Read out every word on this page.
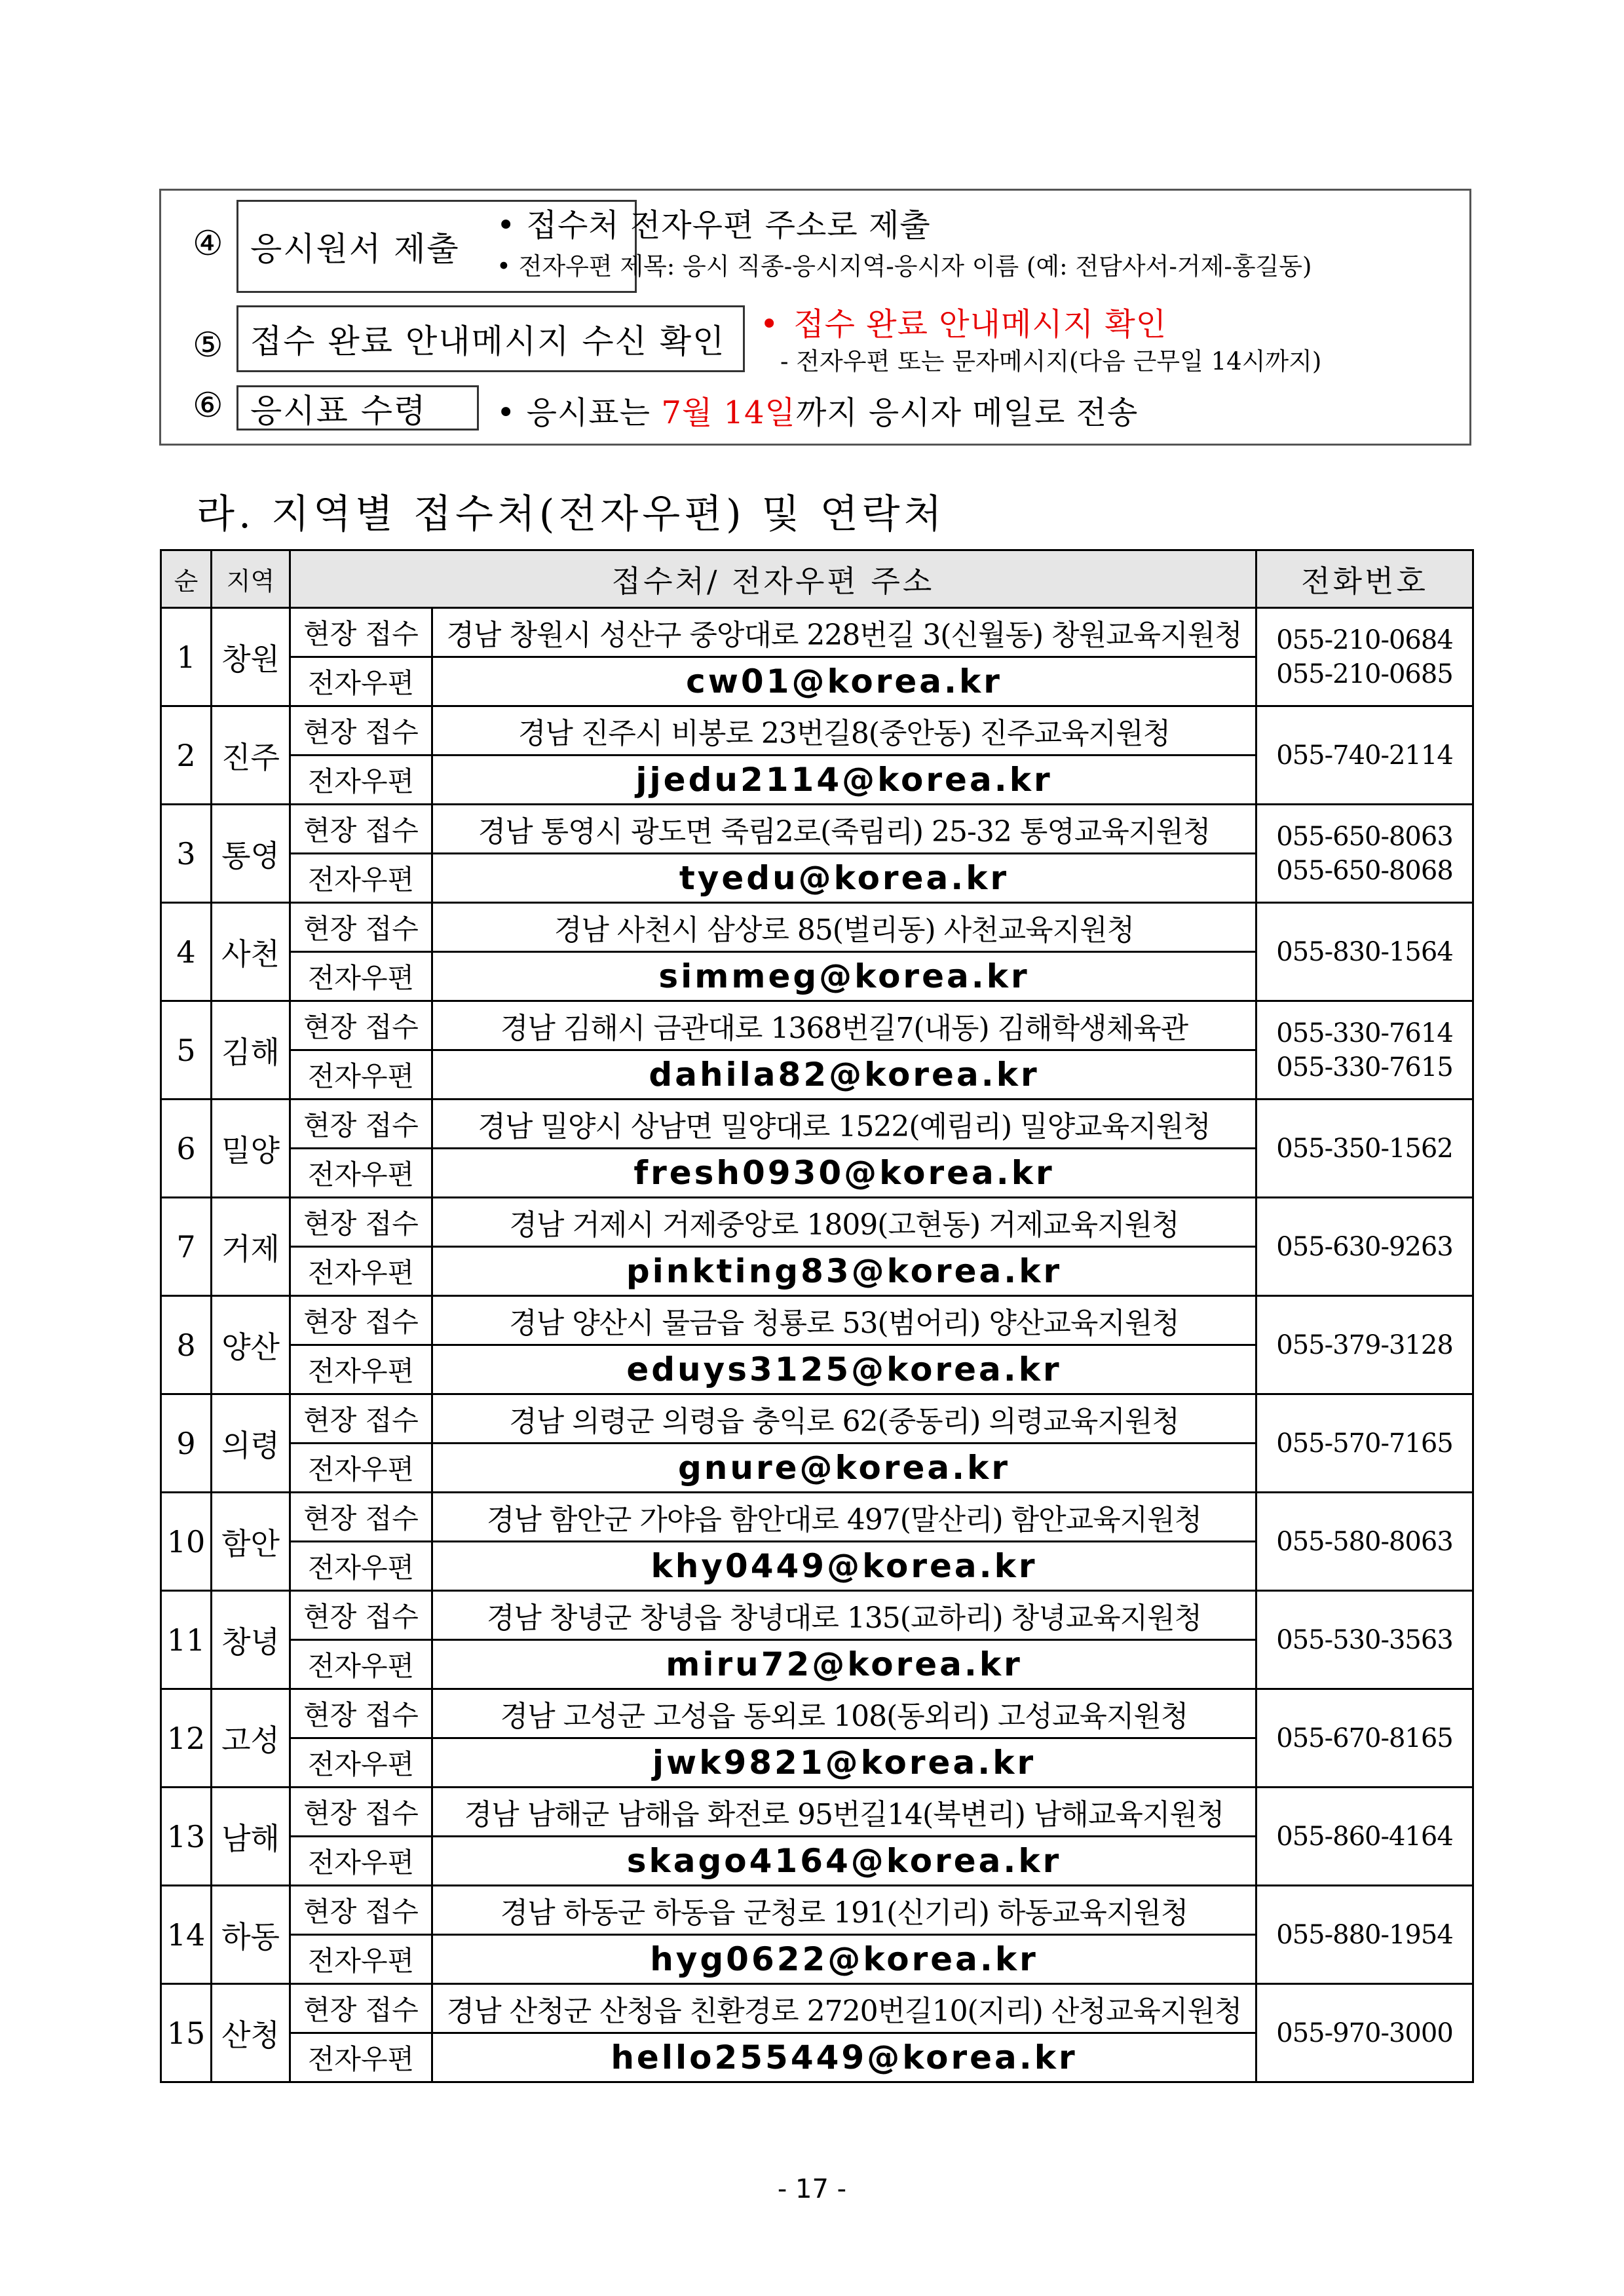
④ 응시원서 제출
• 접수처 전자우편 주소로 제출
• 전자우편 제목: 응시 직종-응시지역-응시자 이름 (예: 전담사서-거제-홍길동)
⑤ 접수 완료 안내메시지 수신 확인	• 접수 완료 안내메시지 확인
- 전자우편 또는 문자메시지(다음 근무일 14시까지)
⑥ 응시표 수령	• 응시표는 7월 14일까지 응시자 메일로 전송
라. 지역별 접수처(전자우편) 및 연락처
순	지역	접수처/ 전자우편 주소		전화번호
1	창원	현장 접수	경남 창원시 성산구 중앙대로 228번길 3(신월동) 창원교육지원청	055-210-0684
055-210-0685
		전자우편	cw01@korea.kr	
2	진주	현장 접수	경남 진주시 비봉로 23번길8(중안동) 진주교육지원청	055-740-2114
		전자우편	jjedu2114@korea.kr	
3	통영	현장 접수	경남 통영시 광도면 죽림2로(죽림리) 25-32 통영교육지원청	055-650-8063
055-650-8068
		전자우편	tyedu@korea.kr	
4	사천	현장 접수	경남 사천시 삼상로 85(벌리동) 사천교육지원청	055-830-1564
		전자우편	simmeg@korea.kr	
5	김해	현장 접수	경남 김해시 금관대로 1368번길7(내동) 김해학생체육관	055-330-7614
055-330-7615
		전자우편	dahila82@korea.kr	
6	밀양	현장 접수	경남 밀양시 상남면 밀양대로 1522(예림리) 밀양교육지원청	055-350-1562
		전자우편	fresh0930@korea.kr	
7	거제	현장 접수	경남 거제시 거제중앙로 1809(고현동) 거제교육지원청	055-630-9263
		전자우편	pinkting83@korea.kr	
8	양산	현장 접수	경남 양산시 물금읍 청룡로 53(범어리) 양산교육지원청	055-379-3128
		전자우편	eduys3125@korea.kr	
9	의령	현장 접수	경남 의령군 의령읍 충익로 62(중동리) 의령교육지원청	055-570-7165
		전자우편	gnure@korea.kr	
10	함안	현장 접수	경남 함안군 가야읍 함안대로 497(말산리) 함안교육지원청	055-580-8063
		전자우편	khy0449@korea.kr	
11	창녕	현장 접수	경남 창녕군 창녕읍 창녕대로 135(교하리) 창녕교육지원청	055-530-3563
		전자우편	miru72@korea.kr	
12	고성	현장 접수	경남 고성군 고성읍 동외로 108(동외리) 고성교육지원청	055-670-8165
		전자우편	jwk9821@korea.kr	
13	남해	현장 접수	경남 남해군 남해읍 화전로 95번길14(북변리) 남해교육지원청	055-860-4164
		전자우편	skago4164@korea.kr	
14	하동	현장 접수	경남 하동군 하동읍 군청로 191(신기리) 하동교육지원청	055-880-1954
		전자우편	hyg0622@korea.kr	
15	산청	현장 접수	경남 산청군 산청읍 친환경로 2720번길10(지리) 산청교육지원청	055-970-3000
		전자우편	hello255449@korea.kr	
- 17 -
